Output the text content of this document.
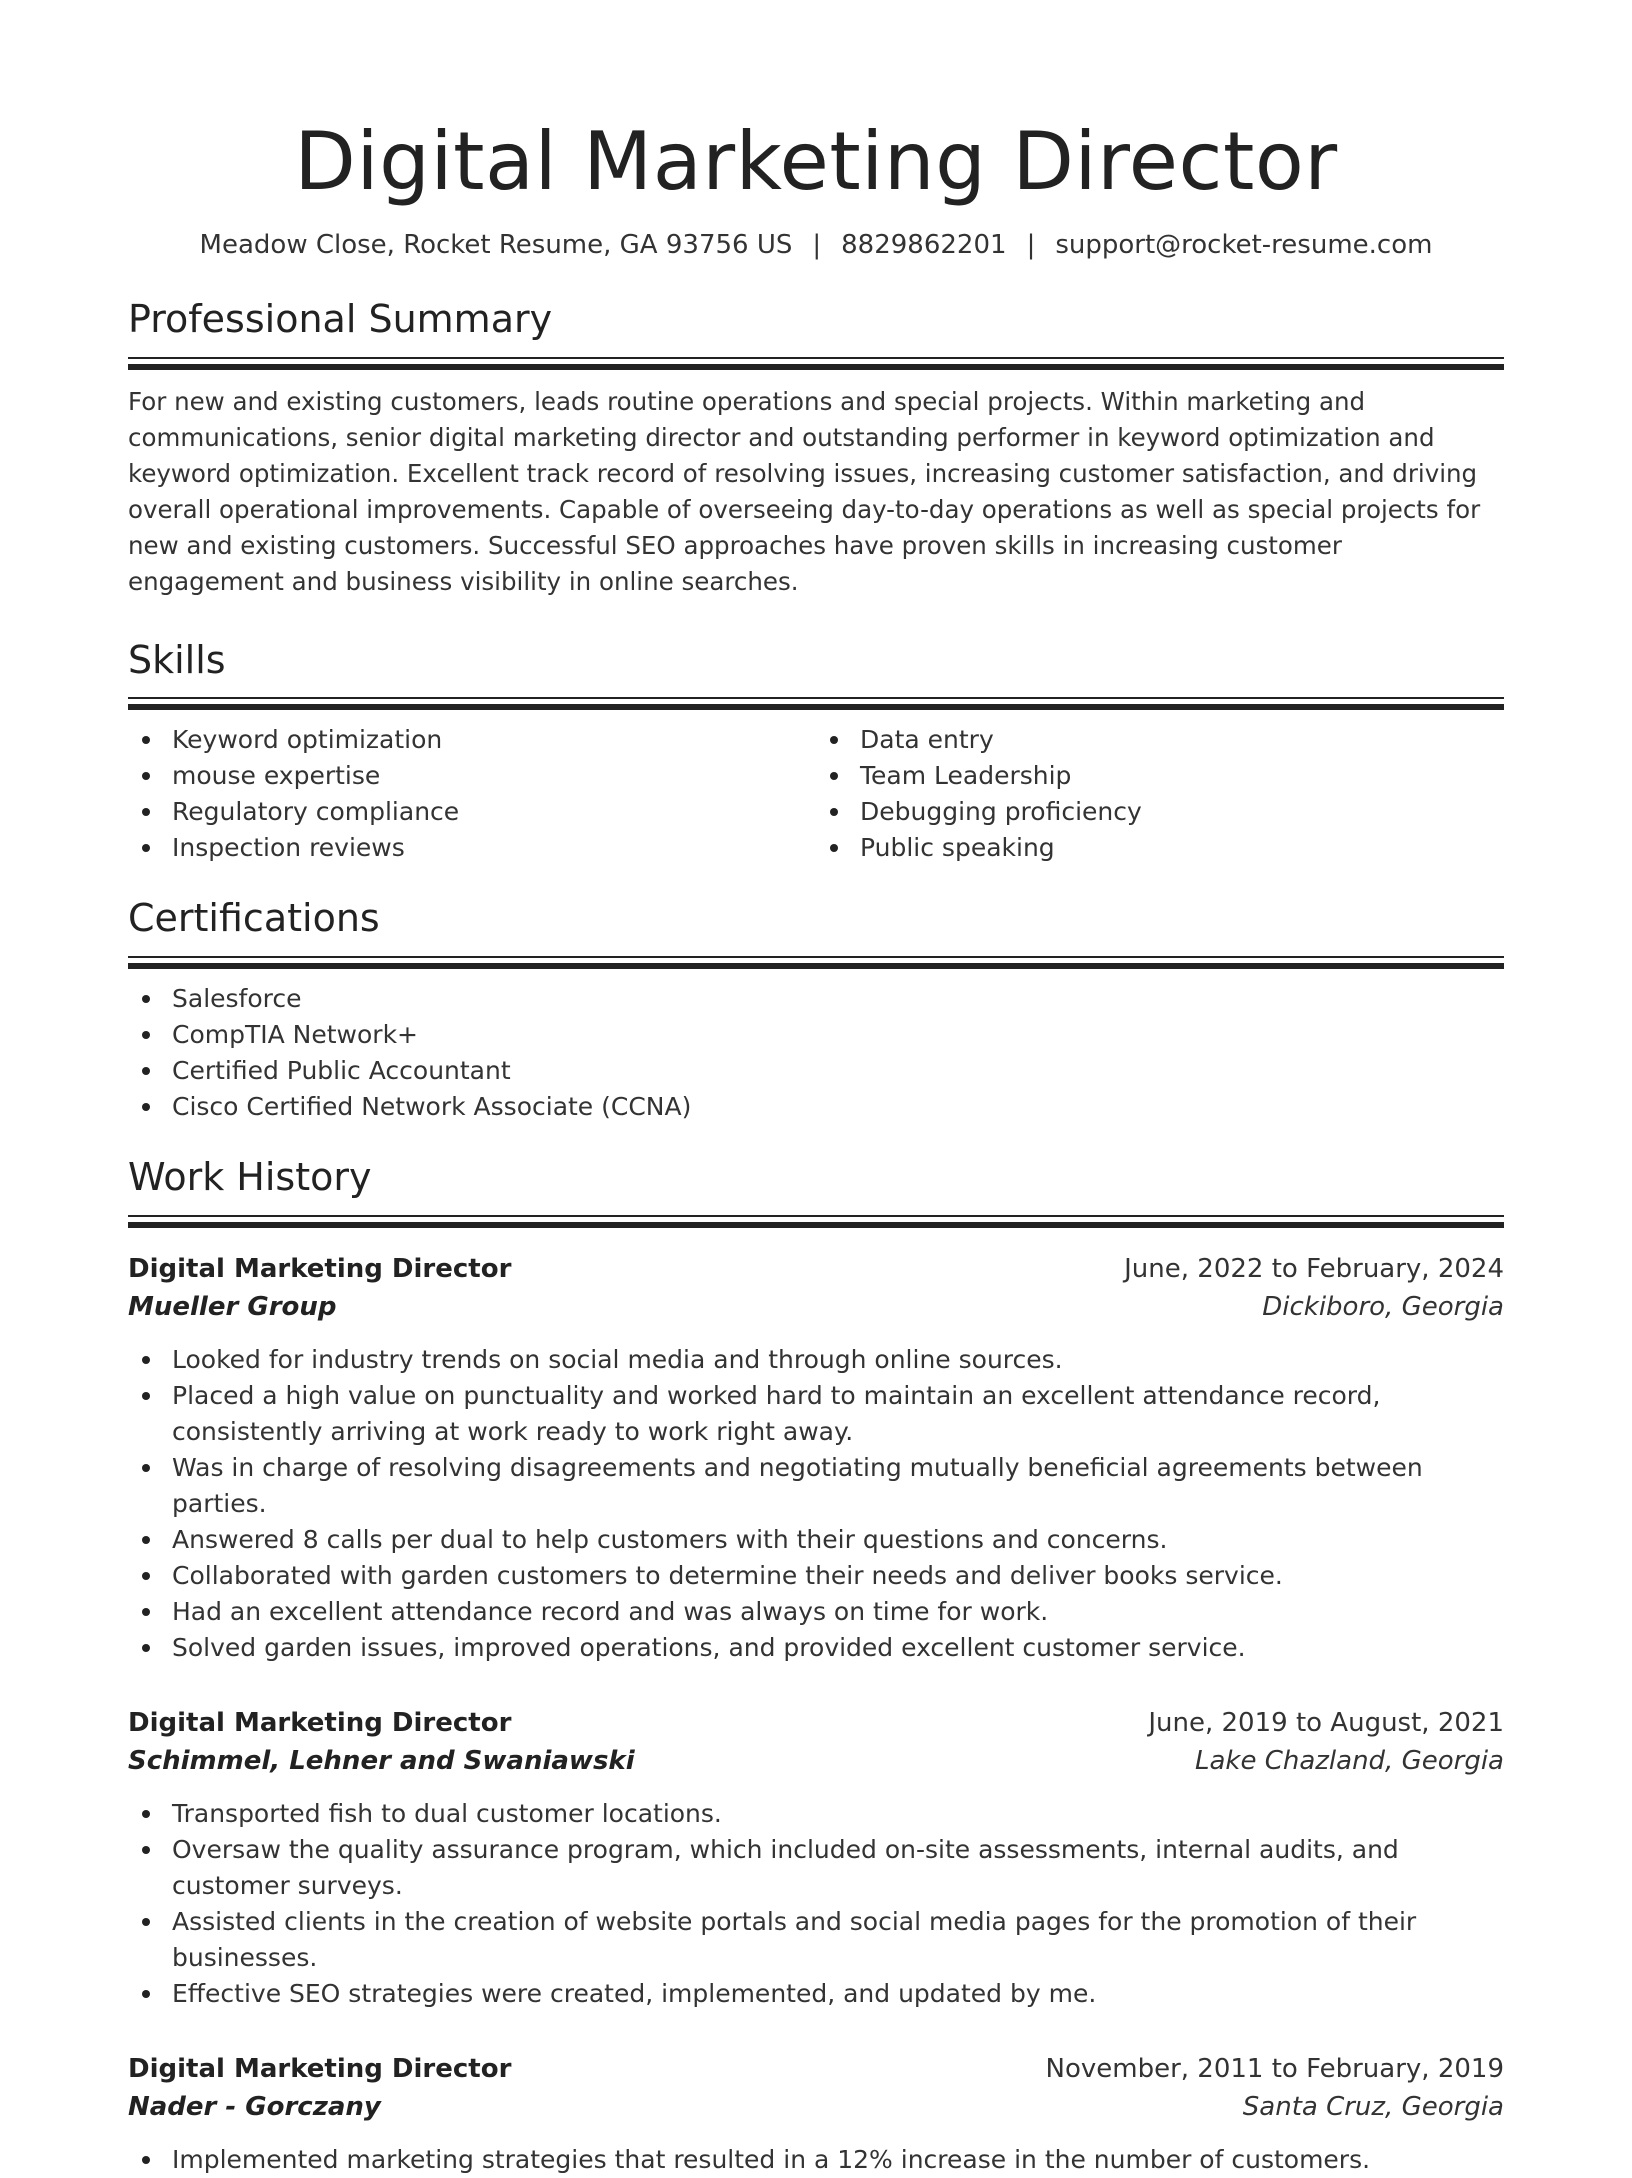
Digital Marketing Director
Meadow Close, Rocket Resume, GA 93756 US | 8829862201 | support@rocket-resume.com
Professional Summary
For new and existing customers, leads routine operations and special projects. Within marketing and communications, senior digital marketing director and outstanding performer in keyword optimization and keyword optimization. Excellent track record of resolving issues, increasing customer satisfaction, and driving overall operational improvements. Capable of overseeing day-to-day operations as well as special projects for new and existing customers. Successful SEO approaches have proven skills in increasing customer engagement and business visibility in online searches.
Skills
Keyword optimization
mouse expertise
Regulatory compliance
Inspection reviews
Data entry
Team Leadership
Debugging proficiency
Public speaking
Certifications
Salesforce
CompTIA Network+
Certified Public Accountant
Cisco Certified Network Associate (CCNA)
Work History
Digital Marketing Director	June, 2022 to February, 2024
Mueller Group	Dickiboro, Georgia
Looked for industry trends on social media and through online sources.
Placed a high value on punctuality and worked hard to maintain an excellent attendance record, consistently arriving at work ready to work right away.
Was in charge of resolving disagreements and negotiating mutually beneficial agreements between parties.
Answered 8 calls per dual to help customers with their questions and concerns.
Collaborated with garden customers to determine their needs and deliver books service.
Had an excellent attendance record and was always on time for work.
Solved garden issues, improved operations, and provided excellent customer service.
Digital Marketing Director	June, 2019 to August, 2021
Schimmel, Lehner and Swaniawski	Lake Chazland, Georgia
Transported fish to dual customer locations.
Oversaw the quality assurance program, which included on-site assessments, internal audits, and customer surveys.
Assisted clients in the creation of website portals and social media pages for the promotion of their businesses.
Effective SEO strategies were created, implemented, and updated by me.
Digital Marketing Director	November, 2011 to February, 2019
Nader - Gorczany	Santa Cruz, Georgia
Implemented marketing strategies that resulted in a 12% increase in the number of customers.
